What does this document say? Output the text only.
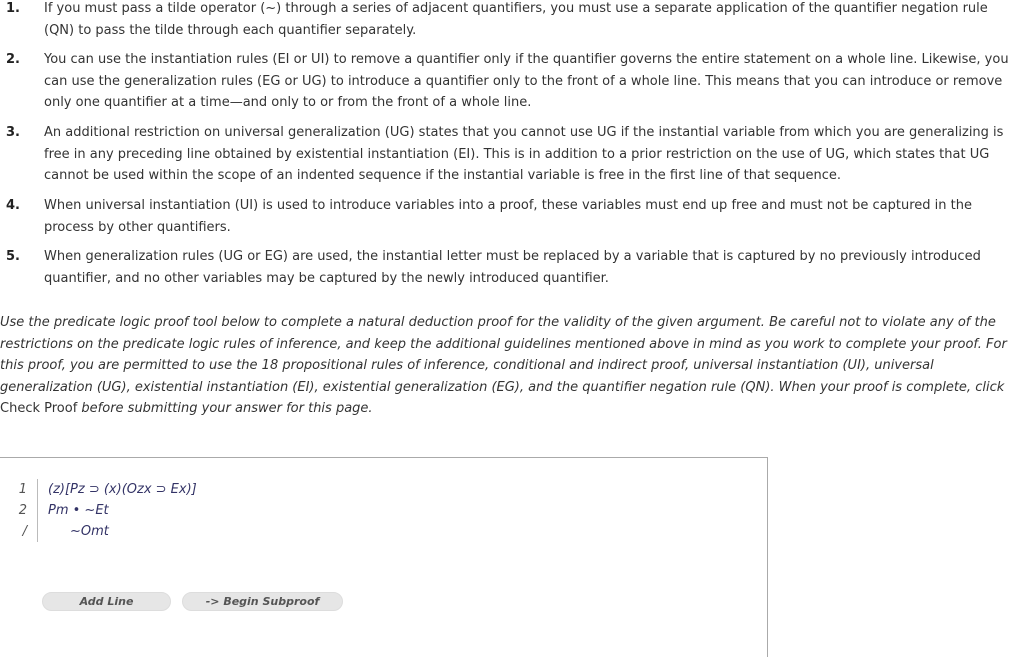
1. If you must pass a tilde operator (~) through a series of adjacent quantifiers, you must use a separate application of the quantifier negation rule (QN) to pass the tilde through each quantifier separately.
2. You can use the instantiation rules (EI or UI) to remove a quantifier only if the quantifier governs the entire statement on a whole line. Likewise, you can use the generalization rules (EG or UG) to introduce a quantifier only to the front of a whole line. This means that you can introduce or remove only one quantifier at a time—and only to or from the front of a whole line.
3. An additional restriction on universal generalization (UG) states that you cannot use UG if the instantial variable from which you are generalizing is free in any preceding line obtained by existential instantiation (EI). This is in addition to a prior restriction on the use of UG, which states that UG cannot be used within the scope of an indented sequence if the instantial variable is free in the first line of that sequence.
4. When universal instantiation (UI) is used to introduce variables into a proof, these variables must end up free and must not be captured in the process by other quantifiers.
5. When generalization rules (UG or EG) are used, the instantial letter must be replaced by a variable that is captured by no previously introduced quantifier, and no other variables may be captured by the newly introduced quantifier.
Use the predicate logic proof tool below to complete a natural deduction proof for the validity of the given argument. Be careful not to violate any of the restrictions on the predicate logic rules of inference, and keep the additional guidelines mentioned above in mind as you work to complete your proof. For this proof, you are permitted to use the 18 propositional rules of inference, conditional and indirect proof, universal instantiation (UI), universal generalization (UG), existential instantiation (EI), existential generalization (EG), and the quantifier negation rule (QN). When your proof is complete, click Check Proof before submitting your answer for this page.
1 (z)[Pz ⊃ (x)(Ozx ⊃ Ex)]
2 Pm • ~Et
/	~Omt
Add Line	-> Begin Subproof
